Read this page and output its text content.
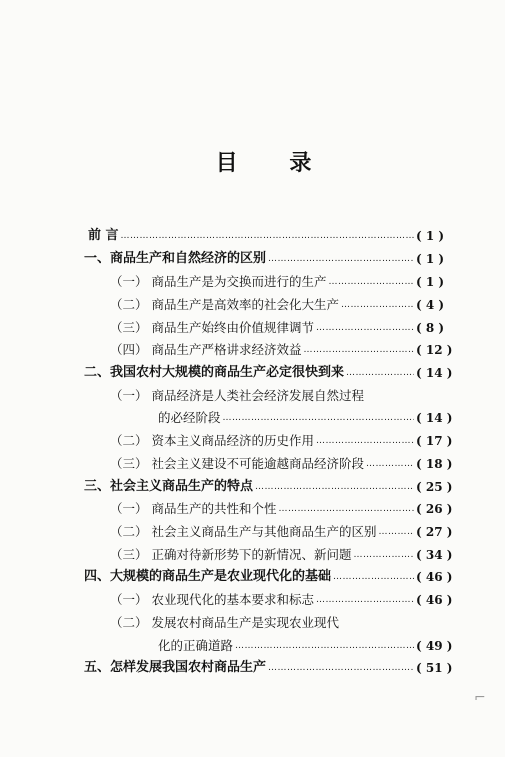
目 录
前 言 …………………………………………………………………………………………………………………………………………	( 1 )
一、商品生产和自然经济的区别 …………………………………………………………………………………………………………………………………………	( 1 )
（一） 商品生产是为交换而进行的生产 …………………………………………………………………………………………………………………………………………	( 1 )
（二） 商品生产是高效率的社会化大生产 …………………………………………………………………………………………………………………………………………	( 4 )
（三） 商品生产始终由价值规律调节 …………………………………………………………………………………………………………………………………………	( 8 )
（四） 商品生产严格讲求经济效益 …………………………………………………………………………………………………………………………………………	( 12 )
二、我国农村大规模的商品生产必定很快到来 …………………………………………………………………………………………………………………………………………	( 14 )
（一） 商品经济是人类社会经济发展自然过程
的必经阶段 …………………………………………………………………………………………………………………………………………	( 14 )
（二） 资本主义商品经济的历史作用 …………………………………………………………………………………………………………………………………………	( 17 )
（三） 社会主义建设不可能逾越商品经济阶段 …………………………………………………………………………………………………………………………………………	( 18 )
三、社会主义商品生产的特点 …………………………………………………………………………………………………………………………………………	( 25 )
（一） 商品生产的共性和个性 …………………………………………………………………………………………………………………………………………	( 26 )
（二） 社会主义商品生产与其他商品生产的区别 …………………………………………………………………………………………………………………………………………	( 27 )
（三） 正确对待新形势下的新情况、新问题 …………………………………………………………………………………………………………………………………………	( 34 )
四、大规模的商品生产是农业现代化的基础 …………………………………………………………………………………………………………………………………………	( 46 )
（一） 农业现代化的基本要求和标志 …………………………………………………………………………………………………………………………………………	( 46 )
（二） 发展农村商品生产是实现农业现代
化的正确道路 …………………………………………………………………………………………………………………………………………	( 49 )
五、怎样发展我国农村商品生产 …………………………………………………………………………………………………………………………………………	( 51 )
⌐
